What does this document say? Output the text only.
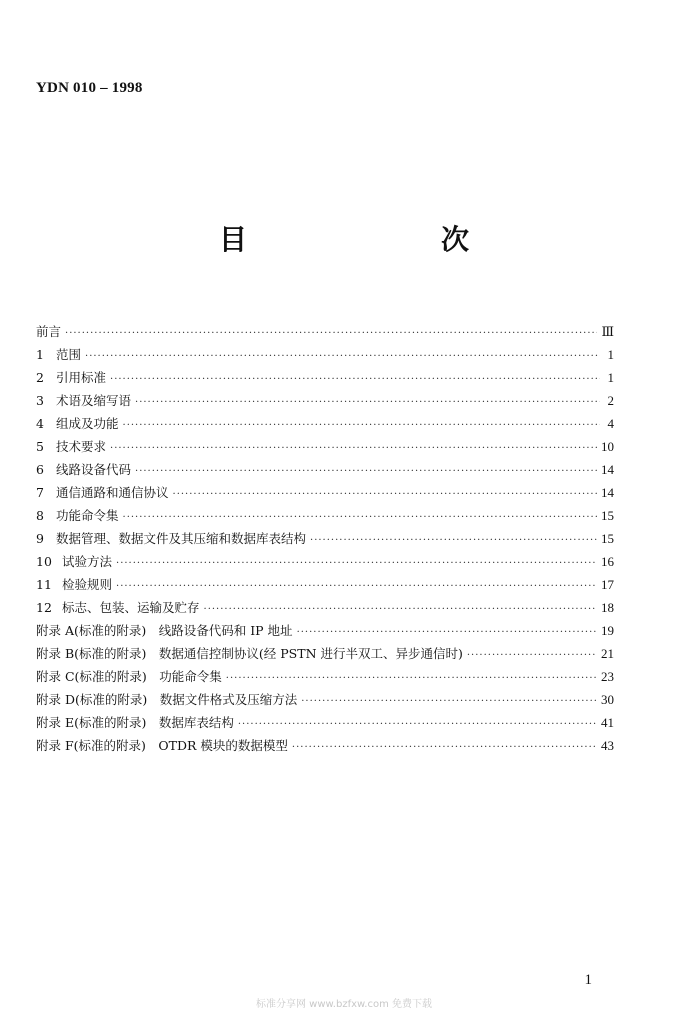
YDN 010 – 1998
目　　次
前言 ·····	Ⅲ
1 范围 ·····	1
2 引用标准 ·····	1
3 术语及缩写语 ·····	2
4 组成及功能 ·····	4
5 技术要求 ·····	10
6 线路设备代码 ·····	14
7 通信通路和通信协议 ·····	14
8 功能命令集 ·····	15
9 数据管理、数据文件及其压缩和数据库表结构 ·····	15
10 试验方法 ·····	16
11 检验规则 ·····	17
12 标志、包装、运输及贮存 ·····	18
附录 A(标准的附录)　线路设备代码和 IP 地址 ·····	19
附录 B(标准的附录)　数据通信控制协议(经 PSTN 进行半双工、异步通信时) ·····	21
附录 C(标准的附录)　功能命令集 ·····	23
附录 D(标准的附录)　数据文件格式及压缩方法 ·····	30
附录 E(标准的附录)　数据库表结构 ·····	41
附录 F(标准的附录)　OTDR 模块的数据模型 ·····	43
1
标准分享网 www.bzfxw.com 免费下载
